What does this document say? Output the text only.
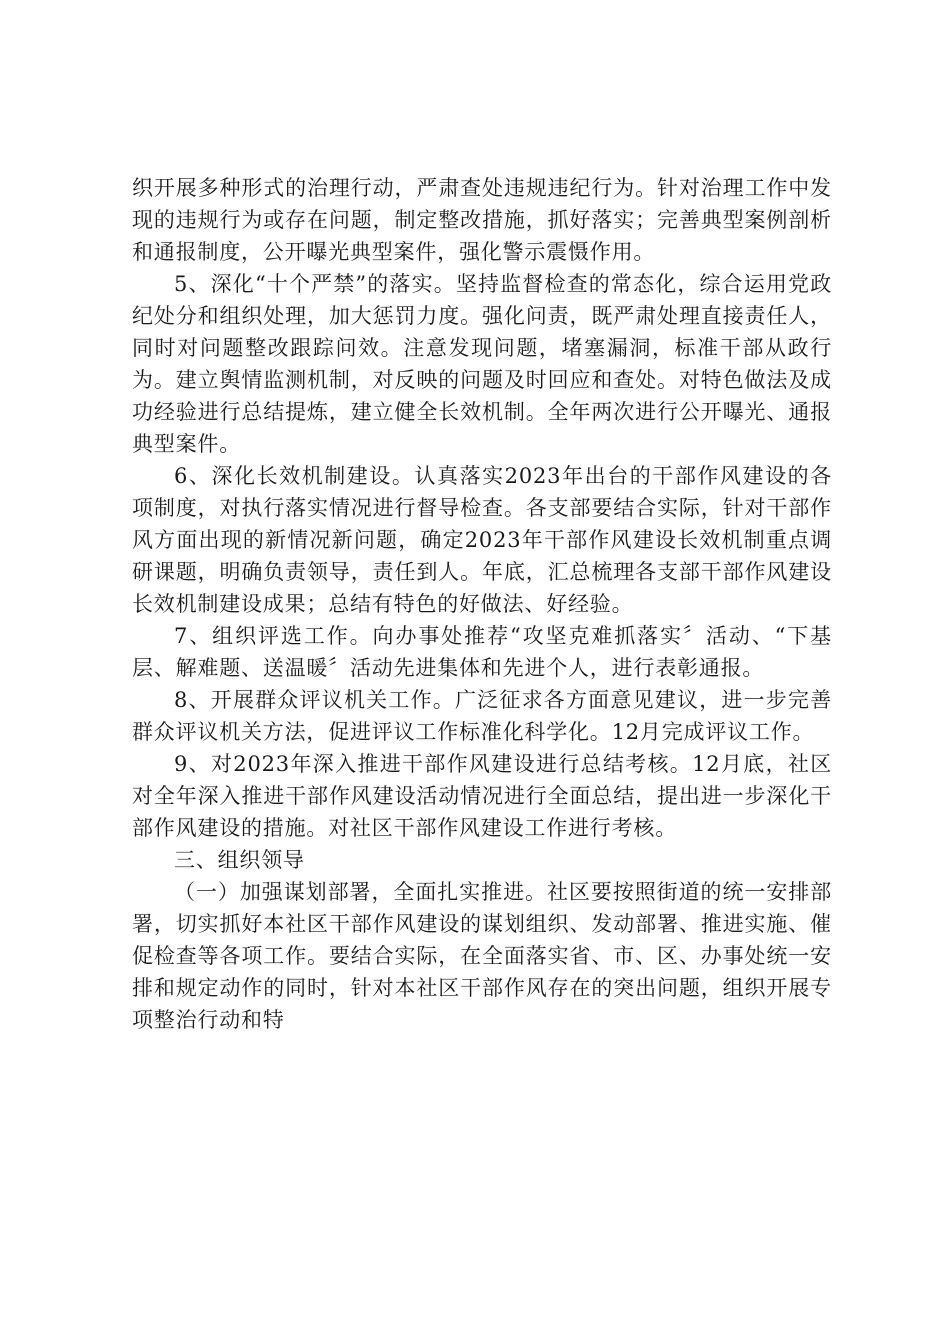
织开展多种形式的治理行动，严肃查处违规违纪行为。针对治理工作中发现的违规行为或存在问题，制定整改措施，抓好落实；完善典型案例剖析和通报制度，公开曝光典型案件，强化警示震慑作用。

5、深化“十个严禁”的落实。坚持监督检查的常态化，综合运用党政纪处分和组织处理，加大惩罚力度。强化问责，既严肃处理直接责任人，同时对问题整改跟踪问效。注意发现问题，堵塞漏洞，标准干部从政行为。建立舆情监测机制，对反映的问题及时回应和查处。对特色做法及成功经验进行总结提炼，建立健全长效机制。全年两次进行公开曝光、通报典型案件。

6、深化长效机制建设。认真落实2023年出台的干部作风建设的各项制度，对执行落实情况进行督导检查。各支部要结合实际，针对干部作风方面出现的新情况新问题，确定2023年干部作风建设长效机制重点调研课题，明确负责领导，责任到人。年底，汇总梳理各支部干部作风建设长效机制建设成果；总结有特色的好做法、好经验。

7、组织评选工作。向办事处推荐“攻坚克难抓落实〞活动、“下基层、解难题、送温暖〞活动先进集体和先进个人，进行表彰通报。

8、开展群众评议机关工作。广泛征求各方面意见建议，进一步完善群众评议机关方法，促进评议工作标准化科学化。12月完成评议工作。

9、对2023年深入推进干部作风建设进行总结考核。12月底，社区对全年深入推进干部作风建设活动情况进行全面总结，提出进一步深化干部作风建设的措施。对社区干部作风建设工作进行考核。

三、组织领导

（一）加强谋划部署，全面扎实推进。社区要按照街道的统一安排部署，切实抓好本社区干部作风建设的谋划组织、发动部署、推进实施、催促检查等各项工作。要结合实际，在全面落实省、市、区、办事处统一安排和规定动作的同时，针对本社区干部作风存在的突出问题，组织开展专项整治行动和特
